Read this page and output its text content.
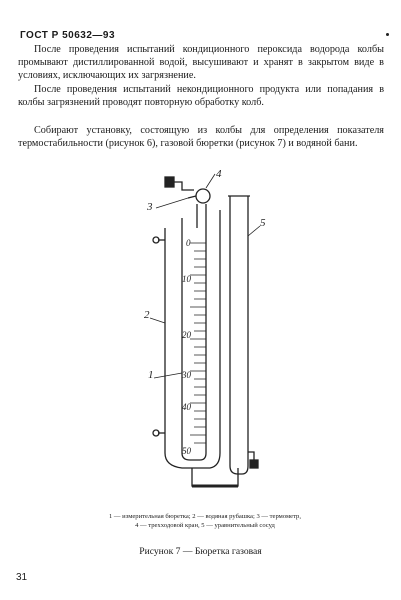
ГОСТ Р 50632—93

После проведения испытаний кондиционного пероксида водорода колбы промывают дистиллированной водой, высушивают и хранят в закрытом виде в условиях, исключающих их загрязнение.

После проведения испытаний некондиционного продукта или попадания в колбы загрязнений проводят повторную обработку колб.

Собирают установку, состоящую из колбы для определения показателя термостабильности (рисунок 6), газовой бюретки (рисунок 7) и водяной бани.

0
10
20
30
40
50
4
3
5
2
1
1 — измерительная бюретка; 2 — водяная рубашка; 3 — термометр,
4 — трехходовой кран, 5 — уравнительный сосуд
Рисунок 7 — Бюретка газовая
31
